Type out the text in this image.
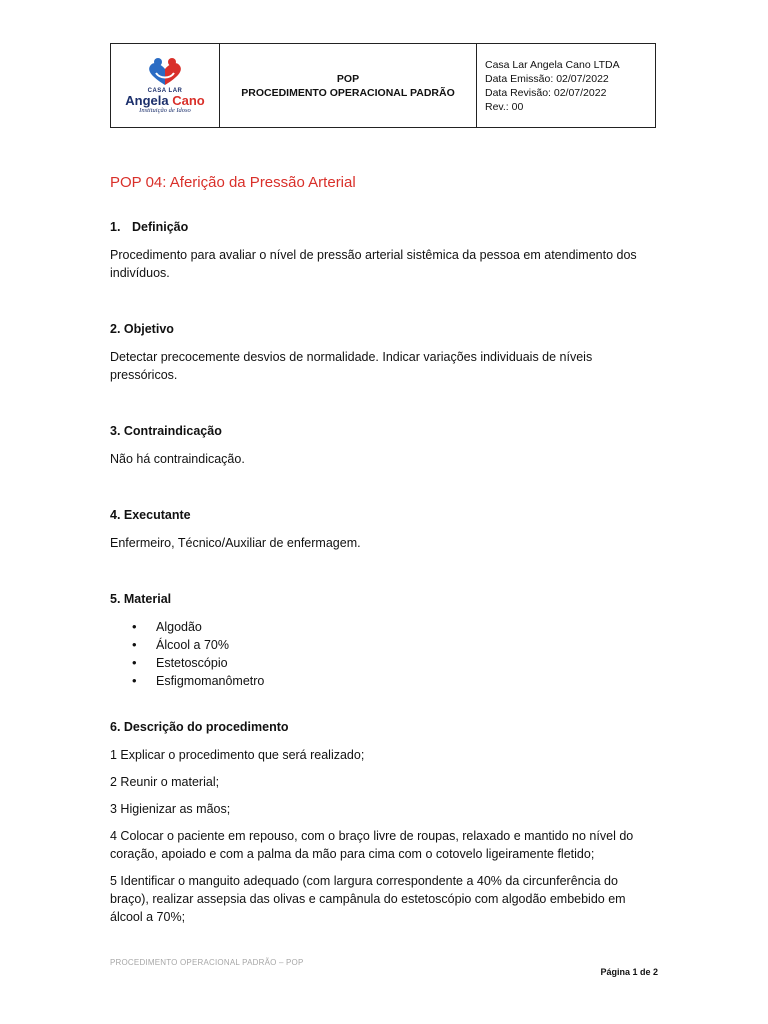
CASA LAR
Angela Cano
Instituição de Idoso
POP
PROCEDIMENTO OPERACIONAL PADRÃO
Casa Lar Angela Cano LTDA
Data Emissão: 02/07/2022
Data Revisão: 02/07/2022
Rev.: 00
POP 04: Aferição da Pressão Arterial
1. Definição
Procedimento para avaliar o nível de pressão arterial sistêmica da pessoa em atendimento dos indivíduos.
2. Objetivo
Detectar precocemente desvios de normalidade. Indicar variações individuais de níveis pressóricos.
3. Contraindicação
Não há contraindicação.
4. Executante
Enfermeiro, Técnico/Auxiliar de enfermagem.
5. Material
• Algodão
• Álcool a 70%
• Estetoscópio
• Esfigmomanômetro
6. Descrição do procedimento
1 Explicar o procedimento que será realizado;
2 Reunir o material;
3 Higienizar as mãos;
4 Colocar o paciente em repouso, com o braço livre de roupas, relaxado e mantido no nível do coração, apoiado e com a palma da mão para cima com o cotovelo ligeiramente fletido;
5 Identificar o manguito adequado (com largura correspondente a 40% da circunferência do braço), realizar assepsia das olivas e campânula do estetoscópio com algodão embebido em álcool a 70%;
PROCEDIMENTO OPERACIONAL PADRÃO – POP
Página 1 de 2
